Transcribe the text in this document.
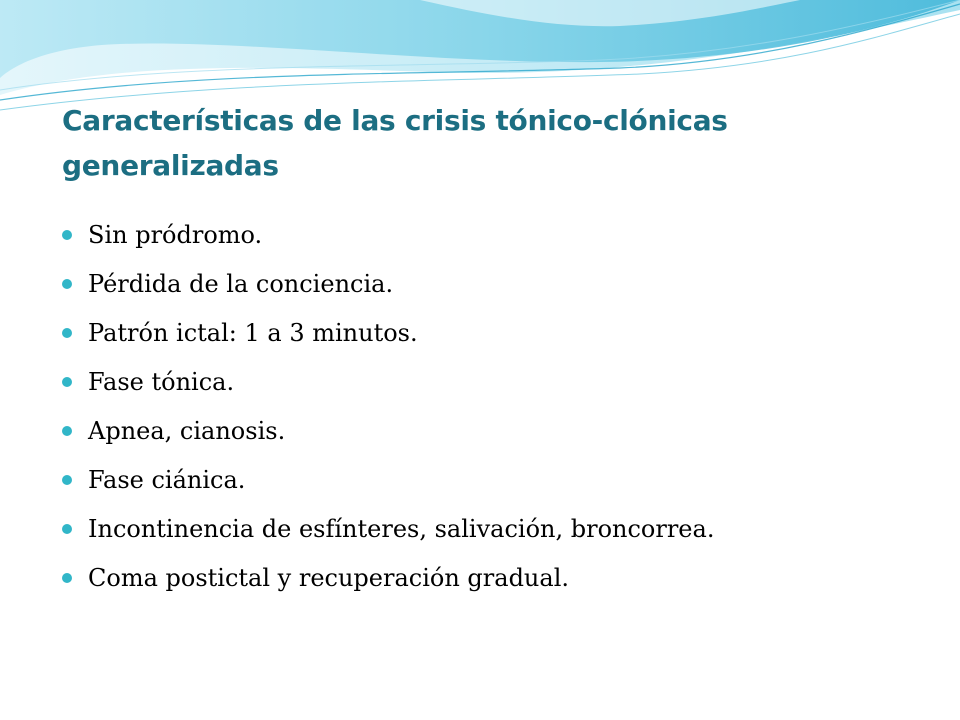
Características de las crisis tónico-clónicas generalizadas
Sin pródromo.
Pérdida de la conciencia.
Patrón ictal: 1 a 3 minutos.
Fase tónica.
Apnea, cianosis.
Fase ciánica.
Incontinencia de esfínteres, salivación, broncorrea.
Coma postictal y recuperación gradual.
